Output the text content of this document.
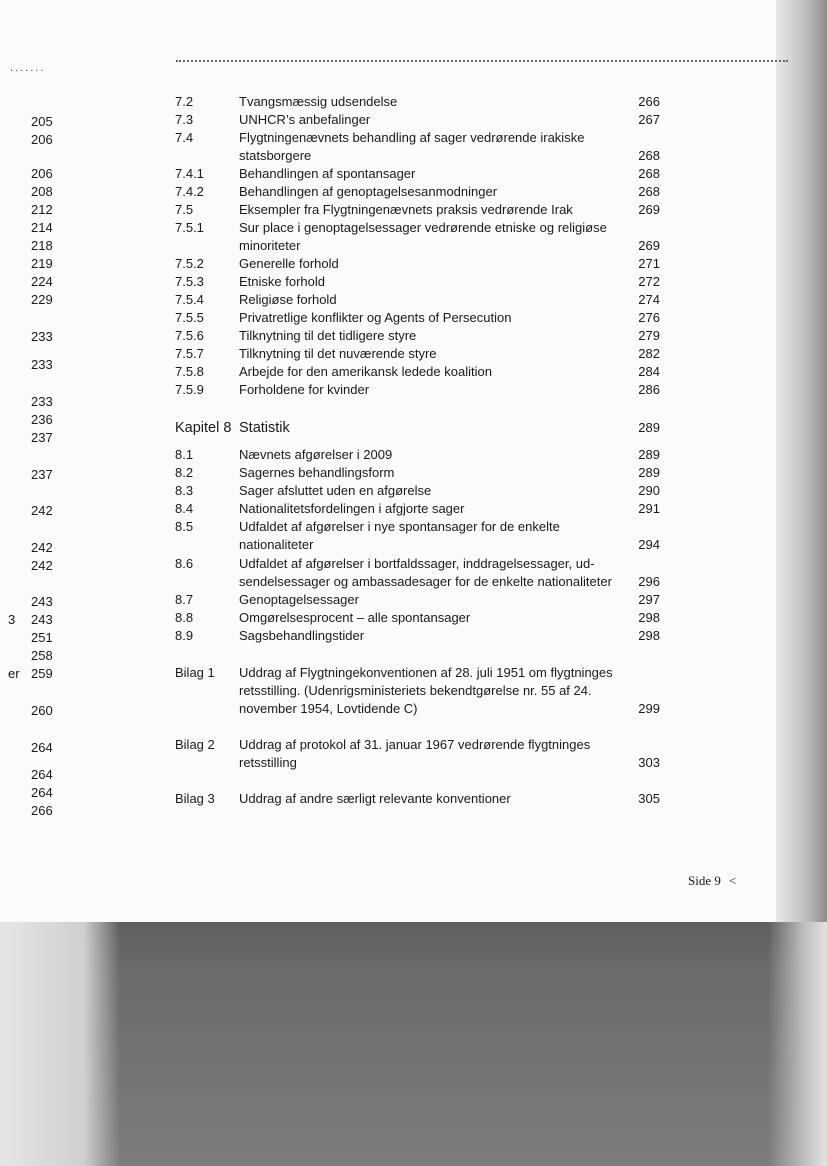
.......
205
206
206
208
212
214
218
219
224
229
233
233
233
236
237
237
242
242
242
243
3 243
251
258
er 259
260
264
264
264
266
7.2	Tvangsmæssig udsendelse	266
7.3	UNHCR’s anbefalinger	267
7.4	Flygtningenævnets behandling af sager vedrørende irakiske statsborgere	268
7.4.1	Behandlingen af spontansager	268
7.4.2	Behandlingen af genoptagelsesanmodninger	268
7.5	Eksempler fra Flygtningenævnets praksis vedrørende Irak	269
7.5.1	Sur place i genoptagelsessager vedrørende etniske og religiøse minoriteter	269
7.5.2	Generelle forhold	271
7.5.3	Etniske forhold	272
7.5.4	Religiøse forhold	274
7.5.5	Privatretlige konflikter og Agents of Persecution	276
7.5.6	Tilknytning til det tidligere styre	279
7.5.7	Tilknytning til det nuværende styre	282
7.5.8	Arbejde for den amerikansk ledede koalition	284
7.5.9	Forholdene for kvinder	286
Kapitel 8 Statistik	289
8.1	Nævnets afgørelser i 2009	289
8.2	Sagernes behandlingsform	289
8.3	Sager afsluttet uden en afgørelse	290
8.4	Nationalitetsfordelingen i afgjorte sager	291
8.5	Udfaldet af afgørelser i nye spontansager for de enkelte nationaliteter	294
8.6	Udfaldet af afgørelser i bortfaldssager, inddragelsessager, ud-sendelsessager og ambassadesager for de enkelte nationaliteter	296
8.7	Genoptagelsessager	297
8.8	Omgørelsesprocent – alle spontansager	298
8.9	Sagsbehandlingstider	298
Bilag 1 Uddrag af Flygtningekonventionen af 28. juli 1951 om flygtninges retsstilling. (Udenrigsministeriets bekendtgørelse nr. 55 af 24. november 1954, Lovtidende C)	299
Bilag 2 Uddrag af protokol af 31. januar 1967 vedrørende flygtninges retsstilling	303
Bilag 3 Uddrag af andre særligt relevante konventioner	305
Side 9 <
